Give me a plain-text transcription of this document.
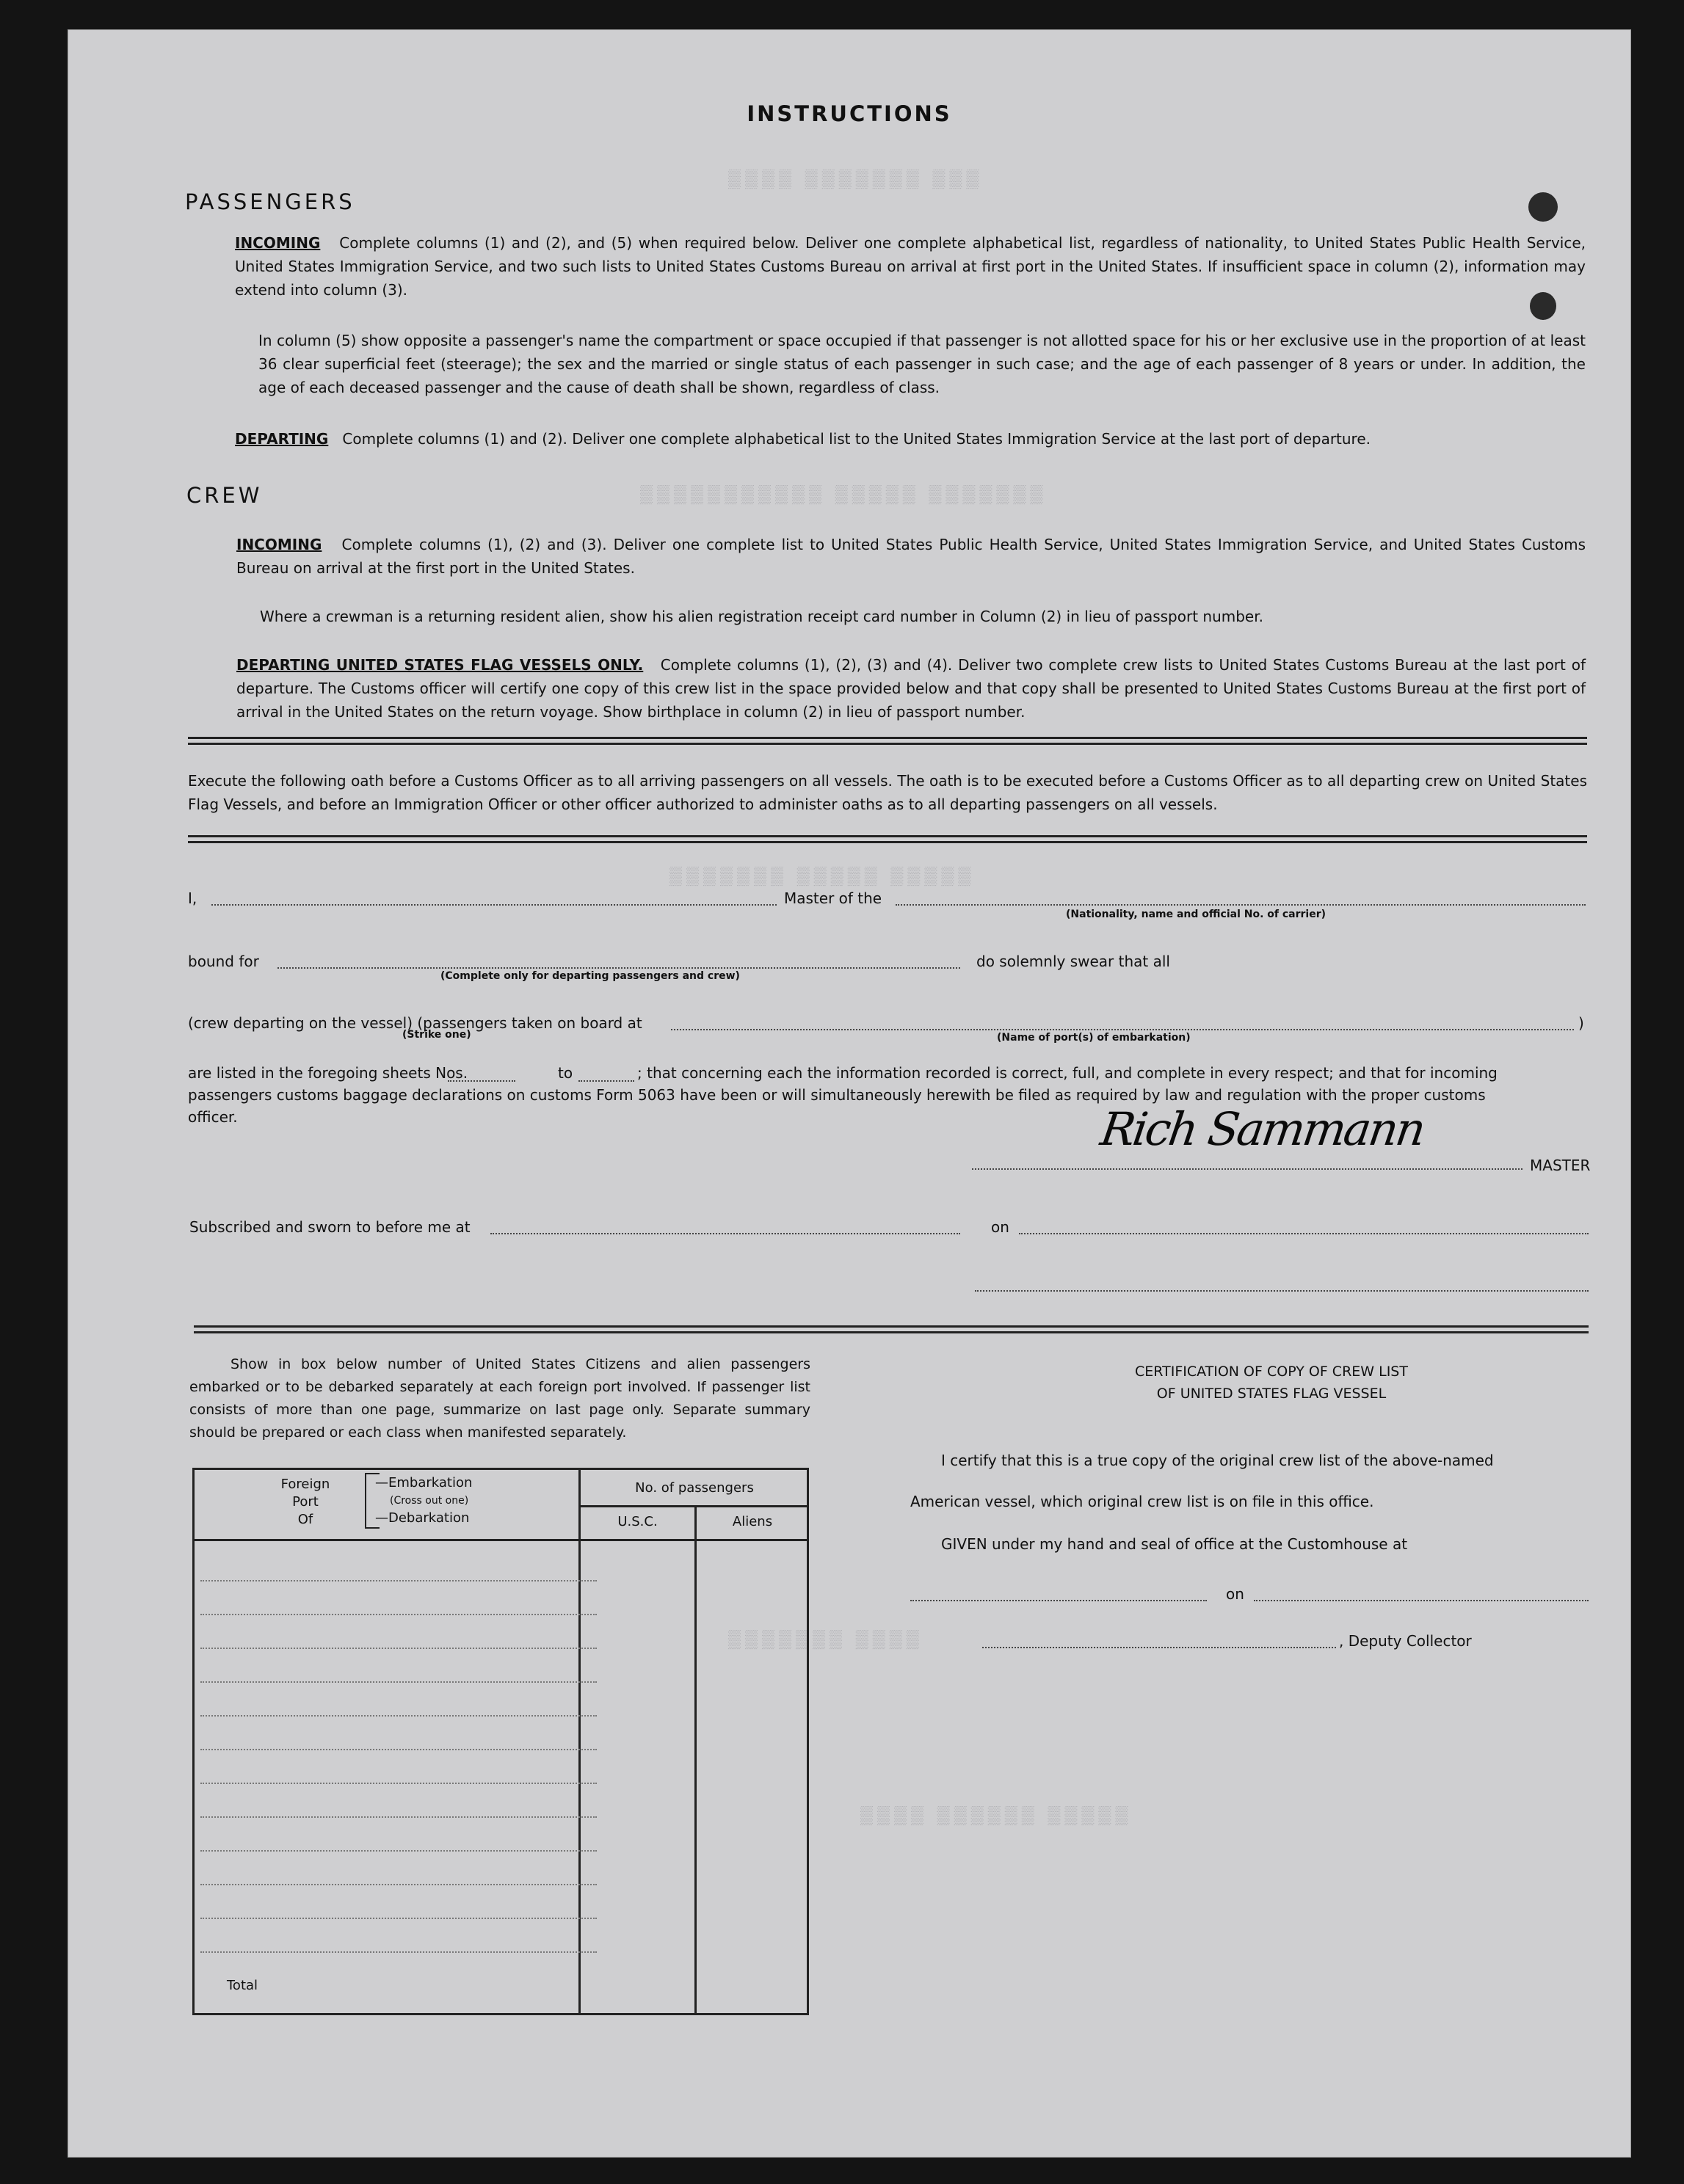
▒▒▒▒ ▒▒▒▒▒▒▒ ▒▒▒
▒▒▒▒▒▒▒▒▒▒▒ ▒▒▒▒▒ ▒▒▒▒▒▒▒
▒▒▒▒▒▒▒ ▒▒▒▒▒ ▒▒▒▒▒
▒▒▒▒▒▒▒ ▒▒▒▒
▒▒▒▒ ▒▒▒▒▒▒ ▒▒▒▒▒
INSTRUCTIONS
PASSENGERS
INCOMING Complete columns (1) and (2), and (5) when required below. Deliver one complete alphabetical list, regardless of nationality, to United States Public Health Service, United States Immigration Service, and two such lists to United States Customs Bureau on arrival at first port in the United States. If insufficient space in column (2), information may extend into column (3).
In column (5) show opposite a passenger's name the compartment or space occupied if that passenger is not allotted space for his or her exclusive use in the proportion of at least 36 clear superficial feet (steerage); the sex and the married or single status of each passenger in such case; and the age of each passenger of 8 years or under. In addition, the age of each deceased passenger and the cause of death shall be shown, regardless of class.
DEPARTING Complete columns (1) and (2). Deliver one complete alphabetical list to the United States Immigration Service at the last port of departure.
CREW
INCOMING Complete columns (1), (2) and (3). Deliver one complete list to United States Public Health Service, United States Immigration Service, and United States Customs Bureau on arrival at the first port in the United States.
Where a crewman is a returning resident alien, show his alien registration receipt card number in Column (2) in lieu of passport number.
DEPARTING UNITED STATES FLAG VESSELS ONLY. Complete columns (1), (2), (3) and (4). Deliver two complete crew lists to United States Customs Bureau at the last port of departure. The Customs officer will certify one copy of this crew list in the space provided below and that copy shall be presented to United States Customs Bureau at the first port of arrival in the United States on the return voyage. Show birthplace in column (2) in lieu of passport number.
Execute the following oath before a Customs Officer as to all arriving passengers on all vessels. The oath is to be executed before a Customs Officer as to all departing crew on United States Flag Vessels, and before an Immigration Officer or other officer authorized to administer oaths as to all departing passengers on all vessels.
I,	Master of the
(Nationality, name and official No. of carrier)
bound for
(Complete only for departing passengers and crew)
do solemnly swear that all
(crew departing on the vessel) (passengers taken on board at
(Strike one)	(Name of port(s) of embarkation)
)
are listed in the foregoing sheets Nos.	to	; that concerning each the information recorded is correct, full, and complete in every respect; and that for incoming
passengers customs baggage declarations on customs Form 5063 have been or will simultaneously herewith be filed as required by law and regulation with the proper customs
officer.	Rich Sammann
MASTER
Subscribed and sworn to before me at	on
Show in box below number of United States Citizens and alien passengers embarked or to be debarked separately at each foreign port involved. If passenger list consists of more than one page, summarize on last page only. Separate summary should be prepared or each class when manifested separately.
Foreign
Port
Of
—Embarkation
(Cross out one)
—Debarkation
No. of passengers
U.S.C.	Aliens
Total
CERTIFICATION OF COPY OF CREW LIST
OF UNITED STATES FLAG VESSEL
I certify that this is a true copy of the original crew list of the above-named
American vessel, which original crew list is on file in this office.
GIVEN under my hand and seal of office at the Customhouse at
on
, Deputy Collector
